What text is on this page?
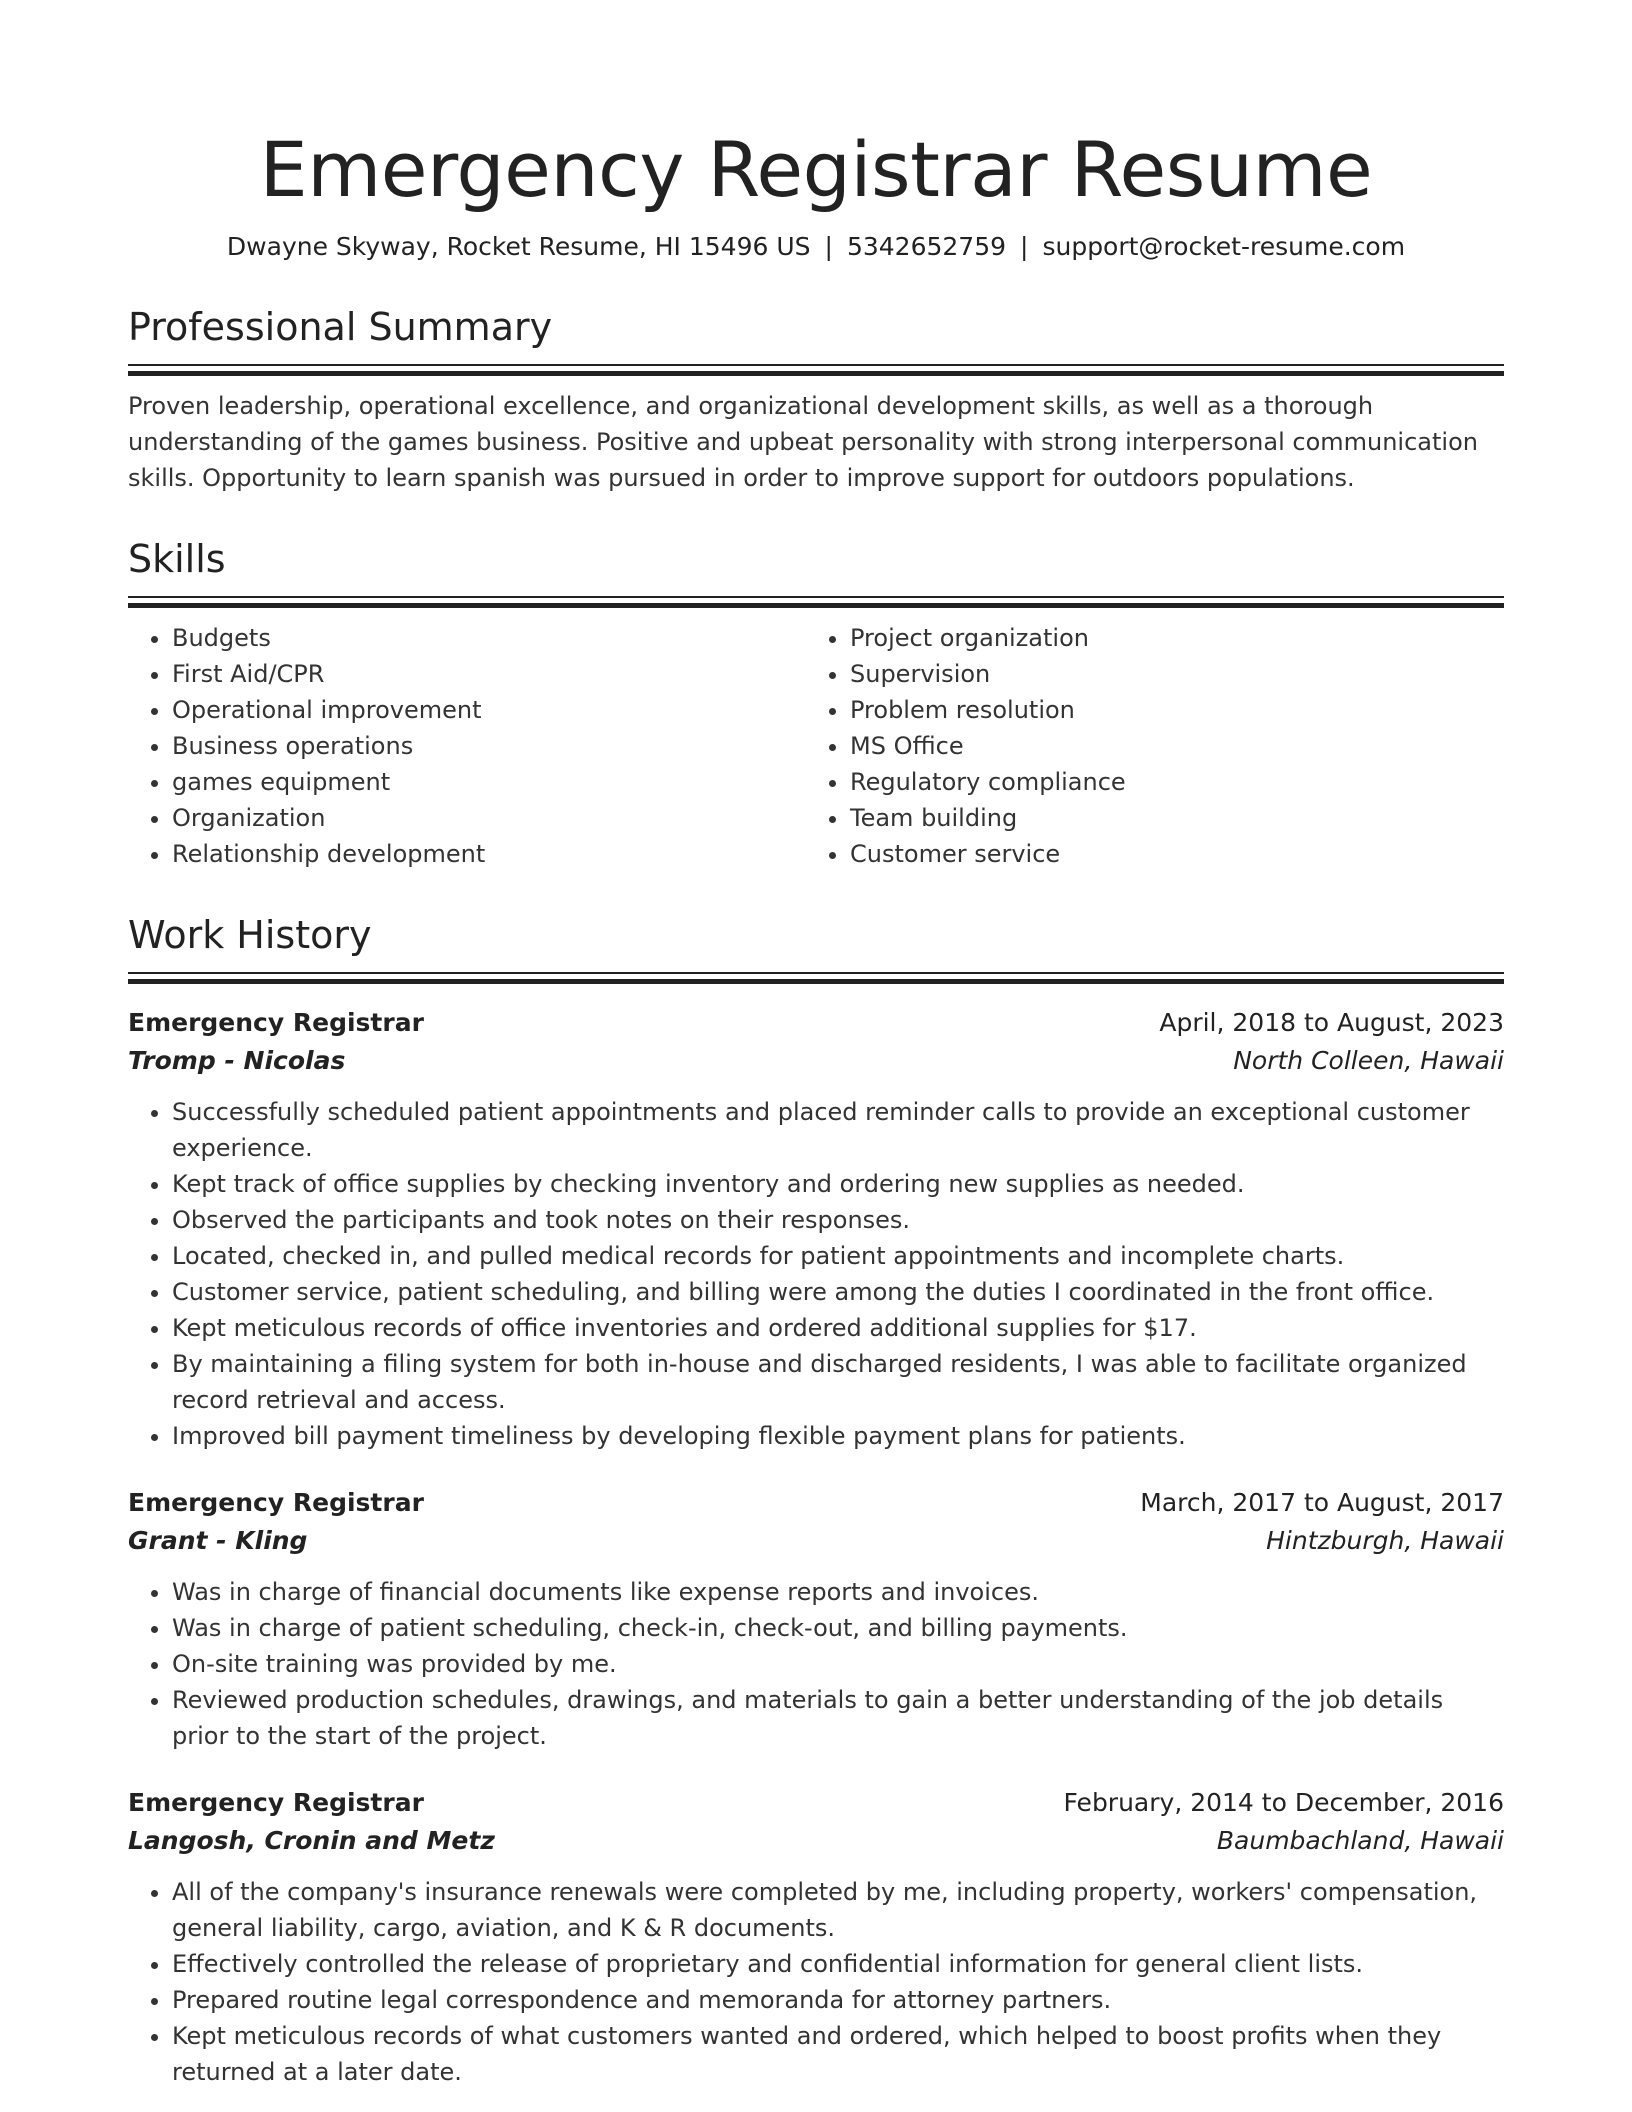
Emergency Registrar Resume
Dwayne Skyway, Rocket Resume, HI 15496 US | 5342652759 | support@rocket-resume.com
Professional Summary
Proven leadership, operational excellence, and organizational development skills, as well as a thorough understanding of the games business. Positive and upbeat personality with strong interpersonal communication skills. Opportunity to learn spanish was pursued in order to improve support for outdoors populations.
Skills
• Budgets
• First Aid/CPR
• Operational improvement
• Business operations
• games equipment
• Organization
• Relationship development
• Project organization
• Supervision
• Problem resolution
• MS Office
• Regulatory compliance
• Team building
• Customer service
Work History
Emergency Registrar	April, 2018 to August, 2023
Tromp - Nicolas	North Colleen, Hawaii
• Successfully scheduled patient appointments and placed reminder calls to provide an exceptional customer experience.
• Kept track of office supplies by checking inventory and ordering new supplies as needed.
• Observed the participants and took notes on their responses.
• Located, checked in, and pulled medical records for patient appointments and incomplete charts.
• Customer service, patient scheduling, and billing were among the duties I coordinated in the front office.
• Kept meticulous records of office inventories and ordered additional supplies for $17.
• By maintaining a filing system for both in-house and discharged residents, I was able to facilitate organized record retrieval and access.
• Improved bill payment timeliness by developing flexible payment plans for patients.
Emergency Registrar	March, 2017 to August, 2017
Grant - Kling	Hintzburgh, Hawaii
• Was in charge of financial documents like expense reports and invoices.
• Was in charge of patient scheduling, check-in, check-out, and billing payments.
• On-site training was provided by me.
• Reviewed production schedules, drawings, and materials to gain a better understanding of the job details prior to the start of the project.
Emergency Registrar	February, 2014 to December, 2016
Langosh, Cronin and Metz	Baumbachland, Hawaii
• All of the company's insurance renewals were completed by me, including property, workers' compensation, general liability, cargo, aviation, and K & R documents.
• Effectively controlled the release of proprietary and confidential information for general client lists.
• Prepared routine legal correspondence and memoranda for attorney partners.
• Kept meticulous records of what customers wanted and ordered, which helped to boost profits when they returned at a later date.
